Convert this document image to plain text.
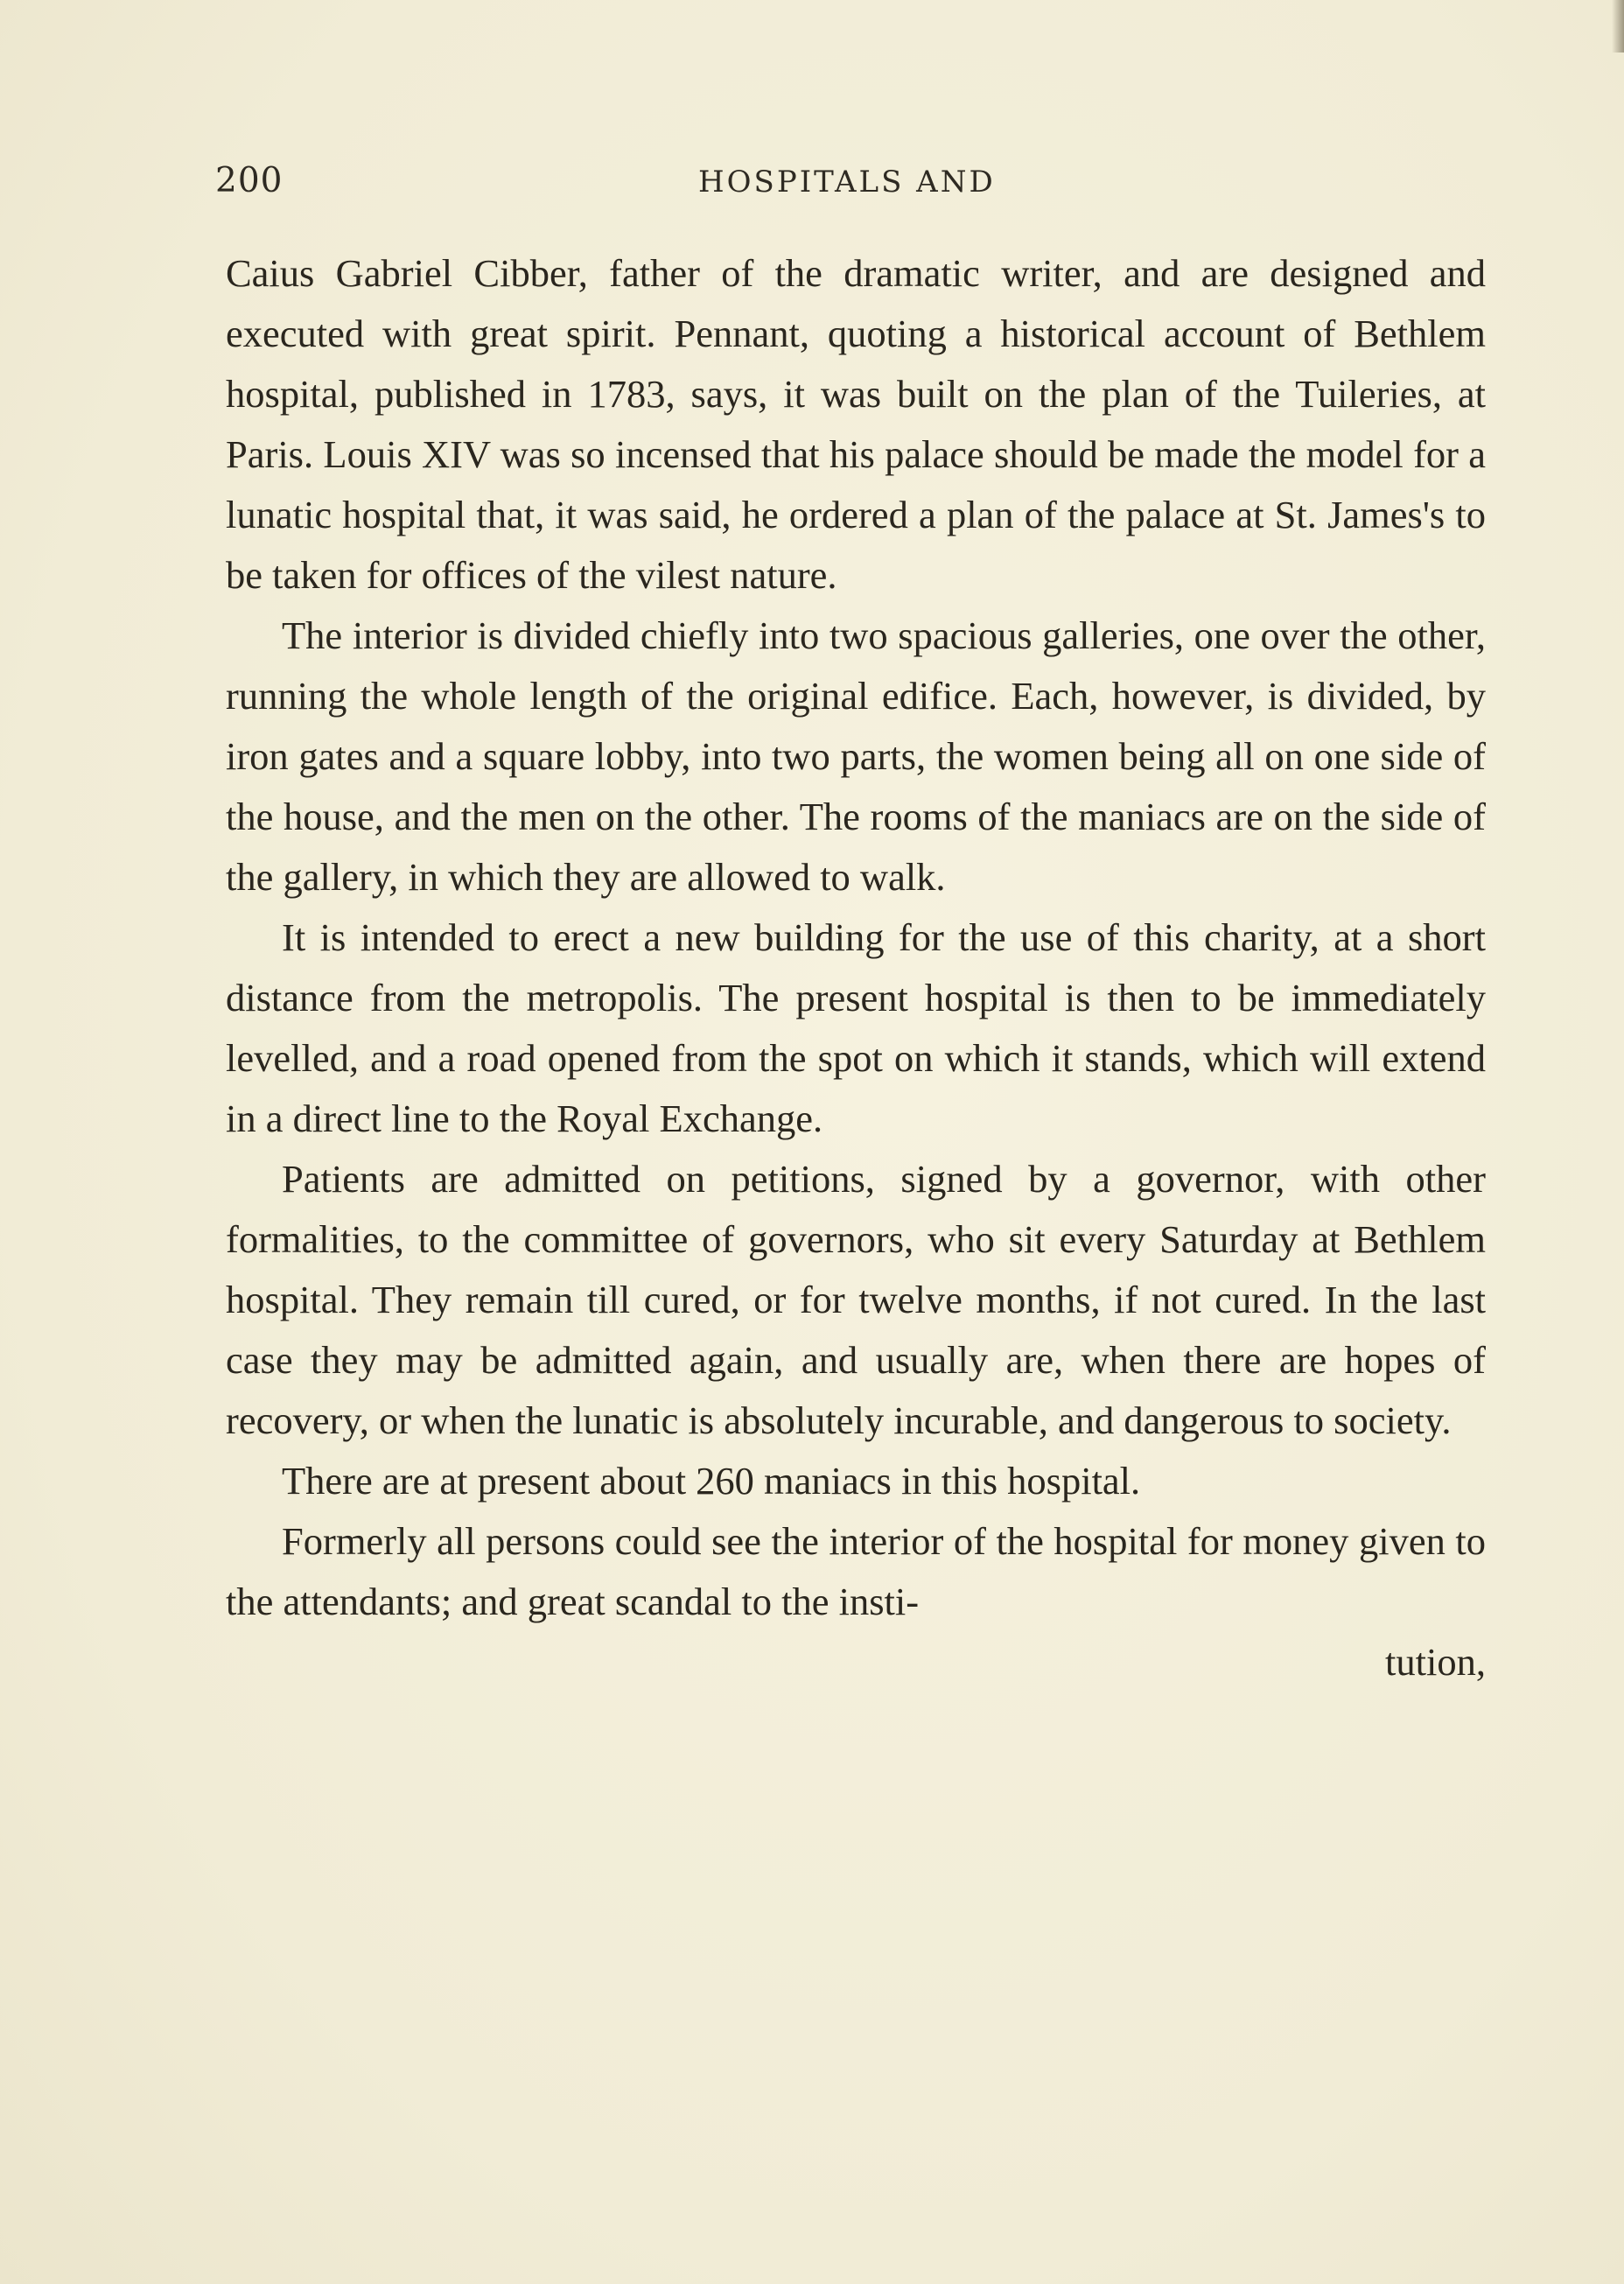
200	HOSPITALS AND

Caius Gabriel Cibber, father of the dramatic writer, and are designed and executed with great spirit. Pennant, quoting a historical account of Bethlem hospital, published in 1783, says, it was built on the plan of the Tuileries, at Paris. Louis XIV was so incensed that his palace should be made the model for a lunatic hospital that, it was said, he ordered a plan of the palace at St. James's to be taken for offices of the vilest nature.

The interior is divided chiefly into two spacious galleries, one over the other, running the whole length of the original edifice. Each, however, is divided, by iron gates and a square lobby, into two parts, the women being all on one side of the house, and the men on the other. The rooms of the maniacs are on the side of the gallery, in which they are allowed to walk.

It is intended to erect a new building for the use of this charity, at a short distance from the metropolis. The present hospital is then to be immediately levelled, and a road opened from the spot on which it stands, which will extend in a direct line to the Royal Exchange.

Patients are admitted on petitions, signed by a governor, with other formalities, to the committee of governors, who sit every Saturday at Bethlem hospital. They remain till cured, or for twelve months, if not cured. In the last case they may be admitted again, and usually are, when there are hopes of recovery, or when the lunatic is absolutely incurable, and dangerous to society.

There are at present about 260 maniacs in this hospital.

Formerly all persons could see the interior of the hospital for money given to the attendants; and great scandal to the insti-

tution,
